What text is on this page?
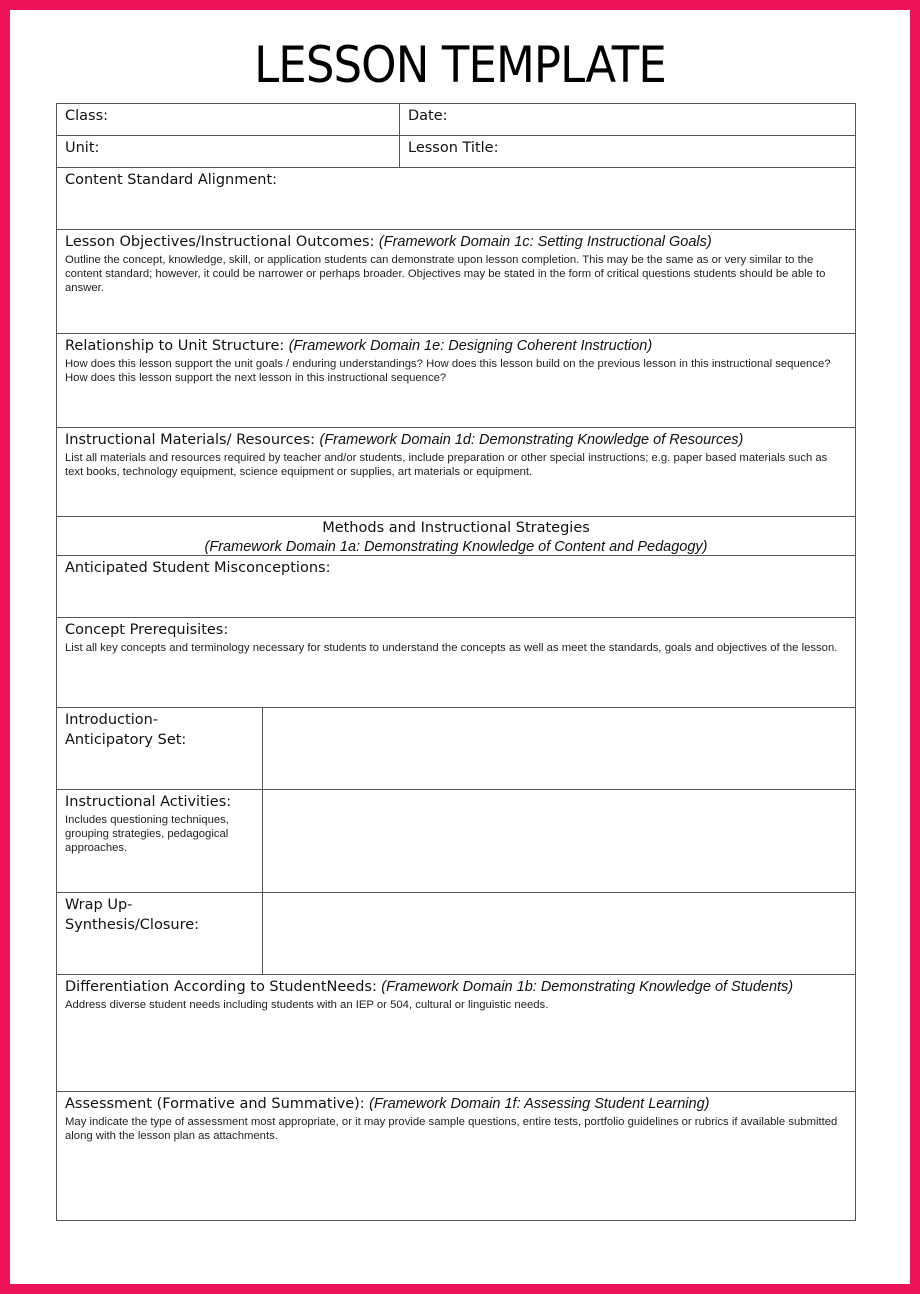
LESSON TEMPLATE
Class:	Date:
Unit:	Lesson Title:
Content Standard Alignment:
Lesson Objectives/Instructional Outcomes: (Framework Domain 1c: Setting Instructional Goals)
Outline the concept, knowledge, skill, or application students can demonstrate upon lesson completion. This may be the same as or very similar to the content standard; however, it could be narrower or perhaps broader. Objectives may be stated in the form of critical questions students should be able to answer.
Relationship to Unit Structure: (Framework Domain 1e: Designing Coherent Instruction)
How does this lesson support the unit goals / enduring understandings? How does this lesson build on the previous lesson in this instructional sequence? How does this lesson support the next lesson in this instructional sequence?
Instructional Materials/ Resources: (Framework Domain 1d: Demonstrating Knowledge of Resources)
List all materials and resources required by teacher and/or students, include preparation or other special instructions; e.g. paper based materials such as text books, technology equipment, science equipment or supplies, art materials or equipment.
Methods and Instructional Strategies
(Framework Domain 1a: Demonstrating Knowledge of Content and Pedagogy)
Anticipated Student Misconceptions:
Concept Prerequisites:
List all key concepts and terminology necessary for students to understand the concepts as well as meet the standards, goals and objectives of the lesson.
Introduction-
Anticipatory Set:
Instructional Activities:
Includes questioning techniques, grouping strategies, pedagogical approaches.
Wrap Up-
Synthesis/Closure:
Differentiation According to StudentNeeds: (Framework Domain 1b: Demonstrating Knowledge of Students)
Address diverse student needs including students with an IEP or 504, cultural or linguistic needs.
Assessment (Formative and Summative): (Framework Domain 1f: Assessing Student Learning)
May indicate the type of assessment most appropriate, or it may provide sample questions, entire tests, portfolio guidelines or rubrics if available submitted along with the lesson plan as attachments.
